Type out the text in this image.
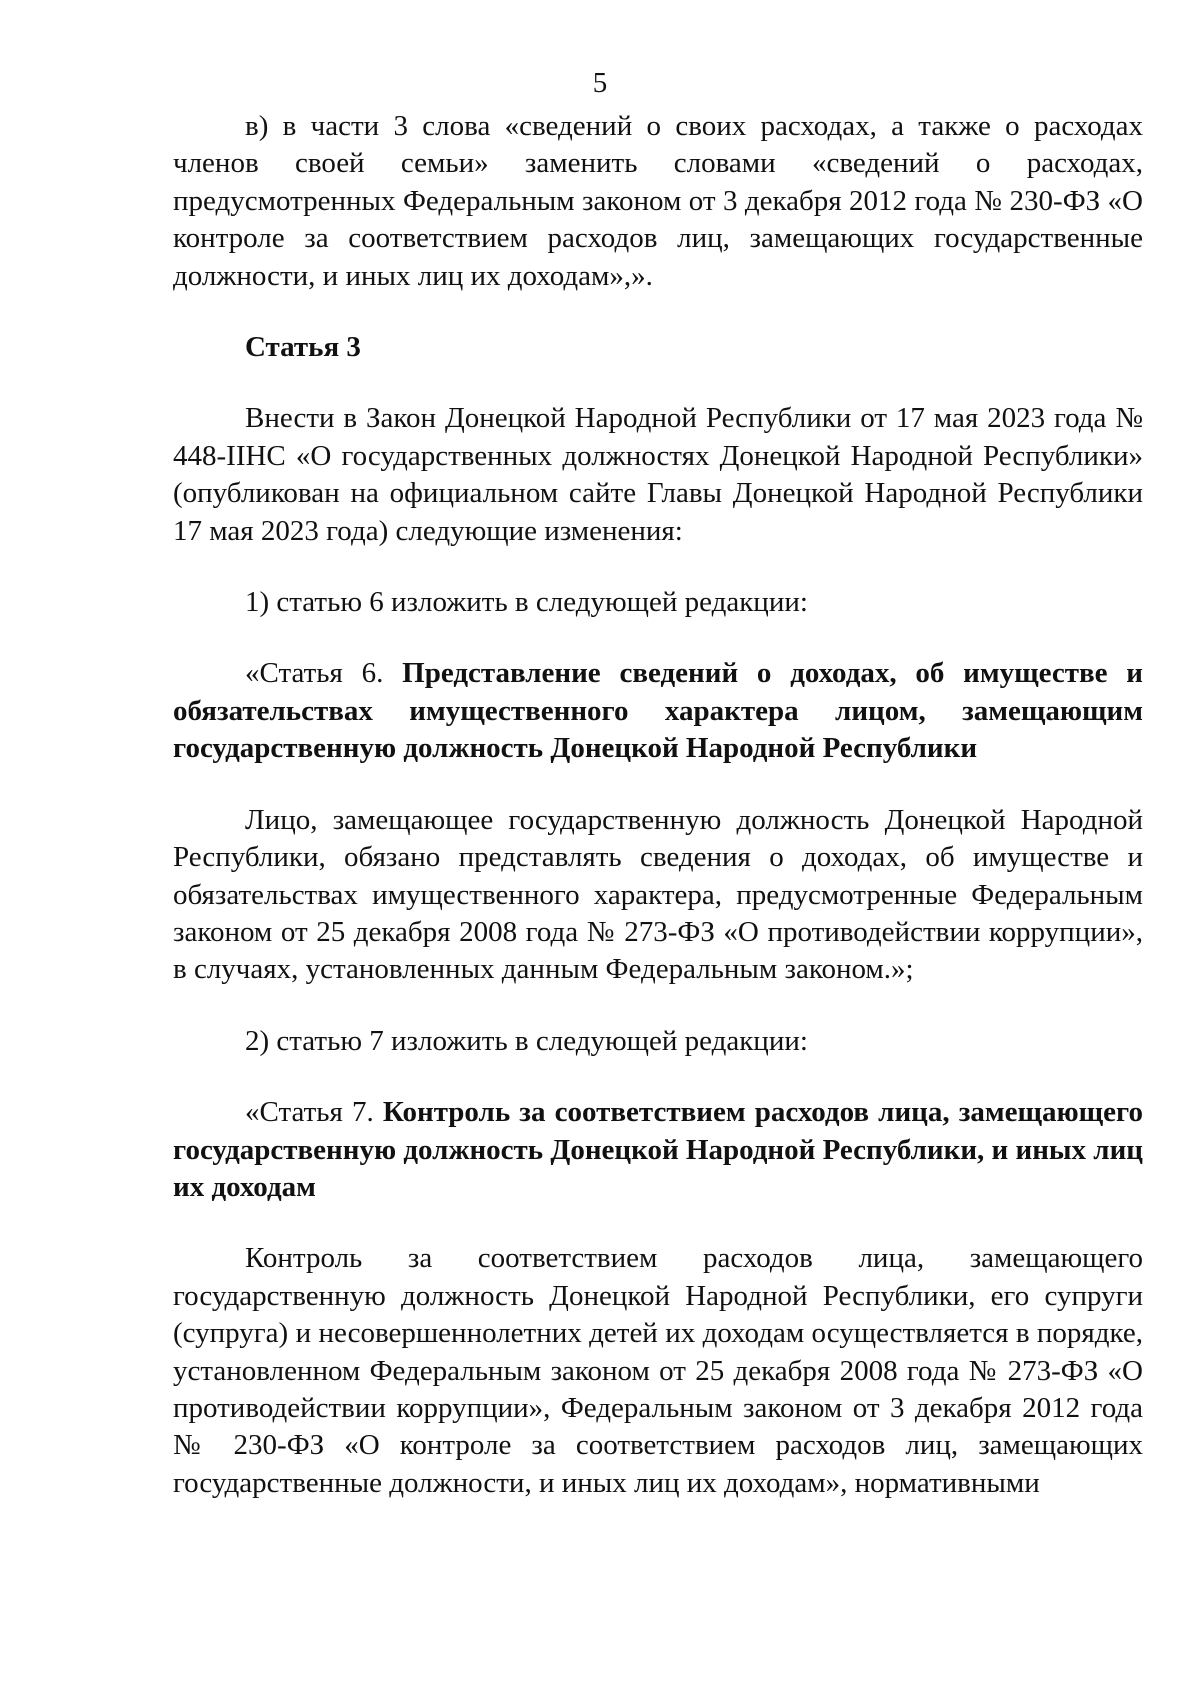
5

в) в части 3 слова «сведений о своих расходах, а также о расходах членов своей семьи» заменить словами «сведений о расходах, предусмотренных Федеральным законом от 3 декабря 2012 года № 230-ФЗ «О контроле за соответствием расходов лиц, замещающих государственные должности, и иных лиц их доходам»,».

Статья 3

Внести в Закон Донецкой Народной Республики от 17 мая 2023 года № 448-IIНС «О государственных должностях Донецкой Народной Республики» (опубликован на официальном сайте Главы Донецкой Народной Республики 17 мая 2023 года) следующие изменения:

1) статью 6 изложить в следующей редакции:

«Статья 6. Представление сведений о доходах, об имуществе и обязательствах имущественного характера лицом, замещающим государственную должность Донецкой Народной Республики

Лицо, замещающее государственную должность Донецкой Народной Республики, обязано представлять сведения о доходах, об имуществе и обязательствах имущественного характера, предусмотренные Федеральным законом от 25 декабря 2008 года № 273-ФЗ «О противодействии коррупции», в случаях, установленных данным Федеральным законом.»;

2) статью 7 изложить в следующей редакции:

«Статья 7. Контроль за соответствием расходов лица, замещающего государственную должность Донецкой Народной Республики, и иных лиц их доходам

Контроль за соответствием расходов лица, замещающего государственную должность Донецкой Народной Республики, его супруги (супруга) и несовершеннолетних детей их доходам осуществляется в порядке, установленном Федеральным законом от 25 декабря 2008 года № 273-ФЗ «О противодействии коррупции», Федеральным законом от 3 декабря 2012 года № 230-ФЗ «О контроле за соответствием расходов лиц, замещающих государственные должности, и иных лиц их доходам», нормативными
